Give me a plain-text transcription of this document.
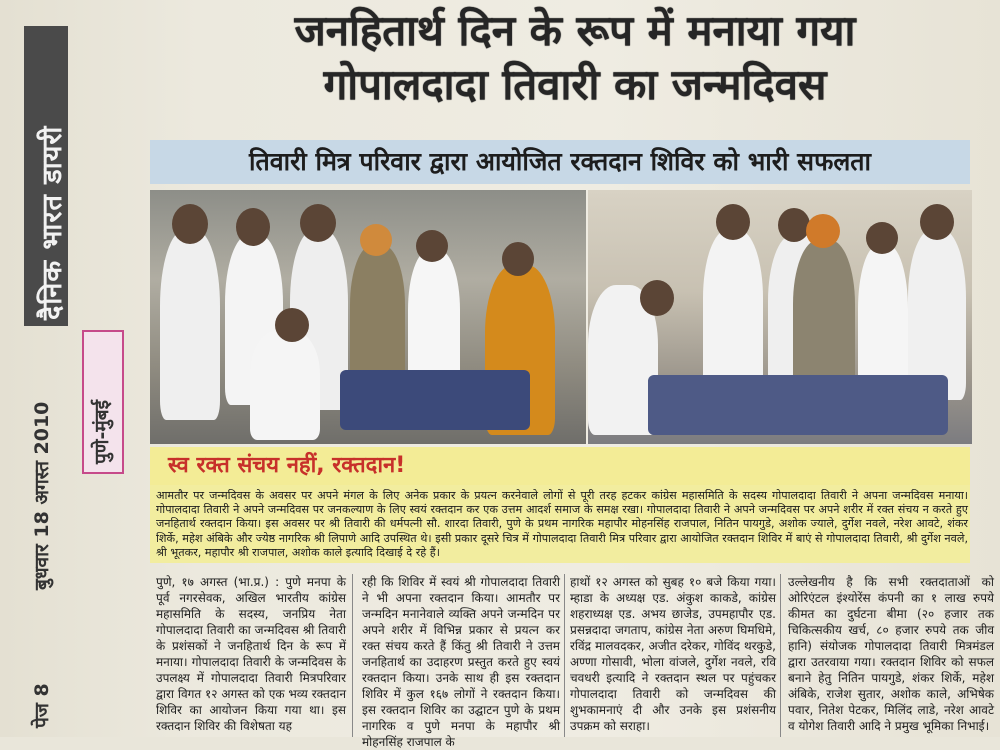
दैनिक भारत डायरी
पुणे-मुंबई
बुधवार 18 अगस्त 2010
पेज 8
जनहितार्थ दिन के रूप में मनाया गया
गोपालदादा तिवारी का जन्मदिवस
तिवारी मित्र परिवार द्वारा आयोजित रक्तदान शिविर को भारी सफलता
स्व रक्त संचय नहीं, रक्तदान!
आमतौर पर जन्मदिवस के अवसर पर अपने मंगल के लिए अनेक प्रकार के प्रयत्न करनेवाले लोगों से पूरी तरह हटकर कांग्रेस महासमिति के सदस्य गोपालदादा तिवारी ने अपना जन्मदिवस मनाया। गोपालदादा तिवारी ने अपने जन्मदिवस पर जनकल्याण के लिए स्वयं रक्तदान कर एक उत्तम आदर्श समाज के समक्ष रखा। गोपालदादा तिवारी ने अपने जन्मदिवस पर अपने शरीर में रक्त संचय न करते हुए जनहितार्थ रक्तदान किया। इस अवसर पर श्री तिवारी की धर्मपत्नी सौ. शारदा तिवारी, पुणे के प्रथम नागरिक महापौर मोहनसिंह राजपाल, नितिन पायगुडे, अशोक ज्याले, दुर्गेश नवले, नरेश आवटे, शंकर शिर्के, महेश अंबिके और ज्येष्ठ नागरिक श्री लिपाणे आदि उपस्थित थे। इसी प्रकार दूसरे चित्र में गोपालदादा तिवारी मित्र परिवार द्वारा आयोजित रक्तदान शिविर में बाएं से गोपालदादा तिवारी, श्री दुर्गेश नवले, श्री भूतकर, महापौर श्री राजपाल, अशोक काले इत्यादि दिखाई दे रहे हैं।
पुणे, १७ अगस्त (भा.प्र.) : पुणे मनपा के पूर्व नगरसेवक, अखिल भारतीय कांग्रेस महासमिति के सदस्य, जनप्रिय नेता गोपालदादा तिवारी का जन्मदिवस श्री तिवारी के प्रशंसकों ने जनहितार्थ दिन के रूप में मनाया। गोपालदादा तिवारी के जन्मदिवस के उपलक्ष्य में गोपालदादा तिवारी मित्रपरिवार द्वारा विगत १२ अगस्त को एक भव्य रक्तदान शिविर का आयोजन किया गया था। इस रक्तदान शिविर की विशेषता यह
रही कि शिविर में स्वयं श्री गोपालदादा तिवारी ने भी अपना रक्तदान किया। आमतौर पर जन्मदिन मनानेवाले व्यक्ति अपने जन्मदिन पर अपने शरीर में विभिन्न प्रकार से प्रयत्न कर रक्त संचय करते हैं किंतु श्री तिवारी ने उत्तम जनहितार्थ का उदाहरण प्रस्तुत करते हुए स्वयं रक्तदान किया। उनके साथ ही इस रक्तदान शिविर में कुल १६७ लोगों ने रक्तदान किया। इस रक्तदान शिविर का उद्घाटन पुणे के प्रथम नागरिक व पुणे मनपा के महापौर श्री मोहनसिंह राजपाल के
हाथों १२ अगस्त को सुबह १० बजे किया गया। म्हाडा के अध्यक्ष एड. अंकुश काकडे, कांग्रेस शहराध्यक्ष एड. अभय छाजेड, उपमहापौर एड. प्रसन्नदादा जगताप, कांग्रेस नेता अरुण घिमधिमे, रविंद्र मालवदकर, अजीत दरेकर, गोविंद थरकुडे, अण्णा गोसावी, भोला वांजले, दुर्गेश नवले, रवि चवधरी इत्यादि ने रक्तदान स्थल पर पहुंचकर गोपालदादा तिवारी को जन्मदिवस की शुभकामनाएं दी और उनके इस प्रशंसनीय उपक्रम को सराहा।
उल्लेखनीय है कि सभी रक्तदाताओं को ओरिएंटल इंश्योरेंस कंपनी का १ लाख रुपये कीमत का दुर्घटना बीमा (२० हजार तक चिकित्सकीय खर्च, ८० हजार रुपये तक जीव हानि) संयोजक गोपालदादा तिवारी मित्रमंडल द्वारा उतरवाया गया। रक्तदान शिविर को सफल बनाने हेतु नितिन पायगुडे, शंकर शिर्के, महेश अंबिके, राजेश सुतार, अशोक काले, अभिषेक पवार, नितेश पेटकर, मिलिंद लाडे, नरेश आवटे व योगेश तिवारी आदि ने प्रमुख भूमिका निभाई।
